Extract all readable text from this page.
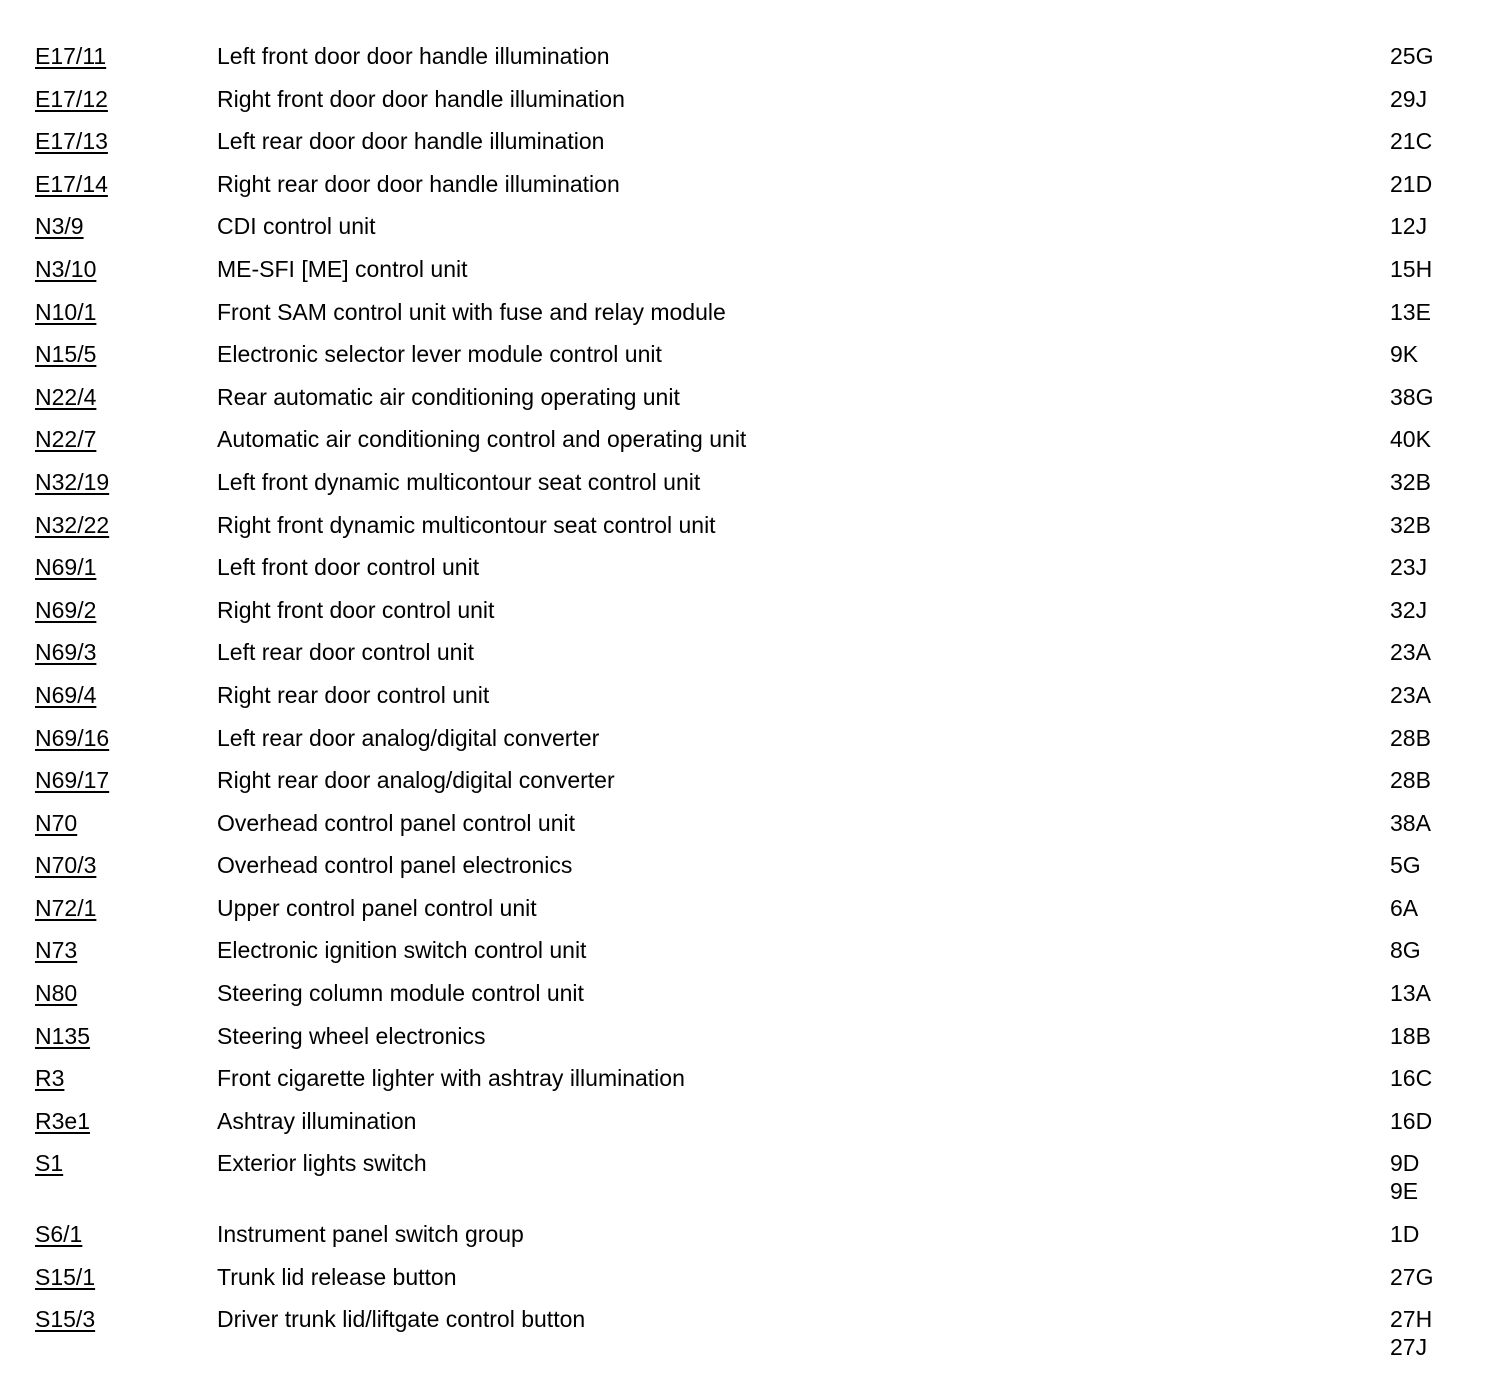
E17/11	Left front door door handle illumination	25G
E17/12	Right front door door handle illumination	29J
E17/13	Left rear door door handle illumination	21C
E17/14	Right rear door door handle illumination	21D
N3/9	CDI control unit	12J
N3/10	ME-SFI [ME] control unit	15H
N10/1	Front SAM control unit with fuse and relay module	13E
N15/5	Electronic selector lever module control unit	9K
N22/4	Rear automatic air conditioning operating unit	38G
N22/7	Automatic air conditioning control and operating unit	40K
N32/19	Left front dynamic multicontour seat control unit	32B
N32/22	Right front dynamic multicontour seat control unit	32B
N69/1	Left front door control unit	23J
N69/2	Right front door control unit	32J
N69/3	Left rear door control unit	23A
N69/4	Right rear door control unit	23A
N69/16	Left rear door analog/digital converter	28B
N69/17	Right rear door analog/digital converter	28B
N70	Overhead control panel control unit	38A
N70/3	Overhead control panel electronics	5G
N72/1	Upper control panel control unit	6A
N73	Electronic ignition switch control unit	8G
N80	Steering column module control unit	13A
N135	Steering wheel electronics	18B
R3	Front cigarette lighter with ashtray illumination	16C
R3e1	Ashtray illumination	16D
S1	Exterior lights switch	9D
9E
S6/1	Instrument panel switch group	1D
S15/1	Trunk lid release button	27G
S15/3	Driver trunk lid/liftgate control button	27H
27J
